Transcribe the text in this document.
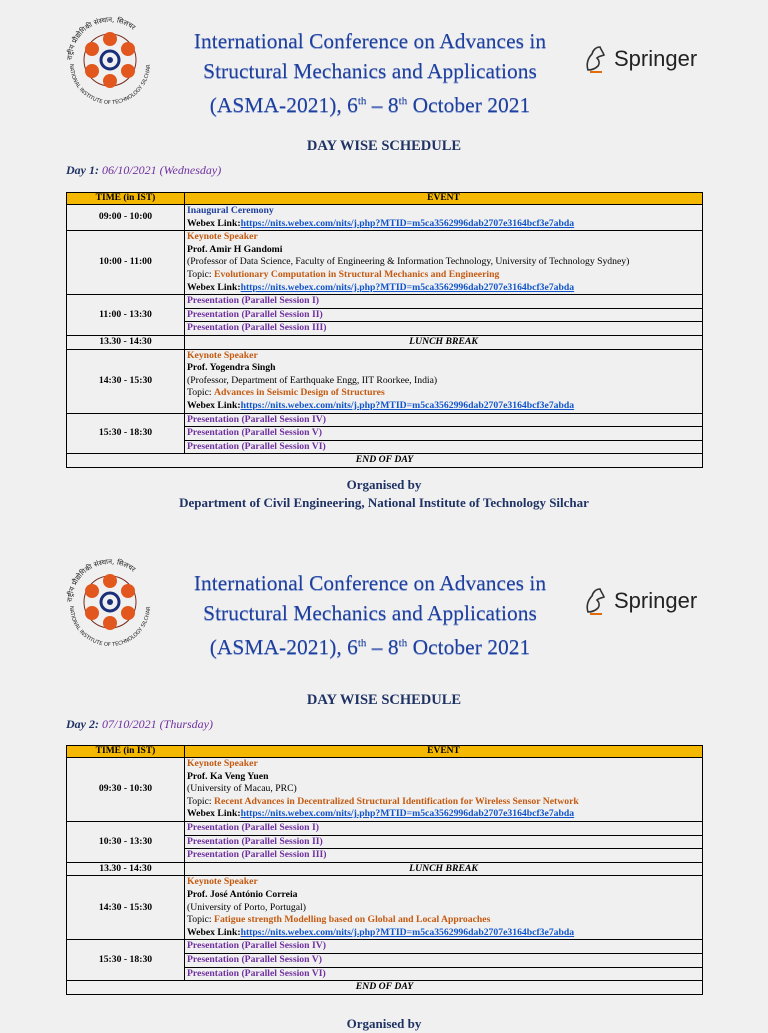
राष्ट्रीय प्रौद्योगिकी संस्थान, सिलचर
NATIONAL INSTITUTE OF TECHNOLOGY SILCHAR
International Conference on Advances in
Structural Mechanics and Applications
(ASMA-2021), 6th – 8th October 2021
Springer
DAY WISE SCHEDULE
Day 1: 06/10/2021 (Wednesday)
TIME (in IST)	EVENT
09:00 - 10:00	Inaugural Ceremony
Webex Link:https://nits.webex.com/nits/j.php?MTID=m5ca3562996dab2707e3164bcf3e7abda

10:00 - 11:00	Keynote Speaker
Prof. Amir H Gandomi
(Professor of Data Science, Faculty of Engineering & Information Technology, University of Technology Sydney)
Topic: Evolutionary Computation in Structural Mechanics and Engineering
Webex Link:https://nits.webex.com/nits/j.php?MTID=m5ca3562996dab2707e3164bcf3e7abda

11:00 - 13:30	Presentation (Parallel Session I)
Presentation (Parallel Session II)
Presentation (Parallel Session III)

13.30 - 14:30	LUNCH BREAK
14:30 - 15:30	Keynote Speaker
Prof. Yogendra Singh
(Professor, Department of Earthquake Engg, IIT Roorkee, India)
Topic: Advances in Seismic Design of Structures
Webex Link:https://nits.webex.com/nits/j.php?MTID=m5ca3562996dab2707e3164bcf3e7abda

15:30 - 18:30	Presentation (Parallel Session IV)
Presentation (Parallel Session V)
Presentation (Parallel Session VI)

END OF DAY	
Organised by
Department of Civil Engineering, National Institute of Technology Silchar
राष्ट्रीय प्रौद्योगिकी संस्थान, सिलचर
NATIONAL INSTITUTE OF TECHNOLOGY SILCHAR
International Conference on Advances in
Structural Mechanics and Applications
(ASMA-2021), 6th – 8th October 2021
Springer
DAY WISE SCHEDULE
Day 2: 07/10/2021 (Thursday)
TIME (in IST)	EVENT
09:30 - 10:30	Keynote Speaker
Prof. Ka Veng Yuen
(University of Macau, PRC)
Topic: Recent Advances in Decentralized Structural Identification for Wireless Sensor Network
Webex Link:https://nits.webex.com/nits/j.php?MTID=m5ca3562996dab2707e3164bcf3e7abda

10:30 - 13:30	Presentation (Parallel Session I)
Presentation (Parallel Session II)
Presentation (Parallel Session III)

13.30 - 14:30	LUNCH BREAK
14:30 - 15:30	Keynote Speaker
Prof. José António Correia
(University of Porto, Portugal)
Topic: Fatigue strength Modelling based on Global and Local Approaches
Webex Link:https://nits.webex.com/nits/j.php?MTID=m5ca3562996dab2707e3164bcf3e7abda

15:30 - 18:30	Presentation (Parallel Session IV)
Presentation (Parallel Session V)
Presentation (Parallel Session VI)

END OF DAY	
Organised by
